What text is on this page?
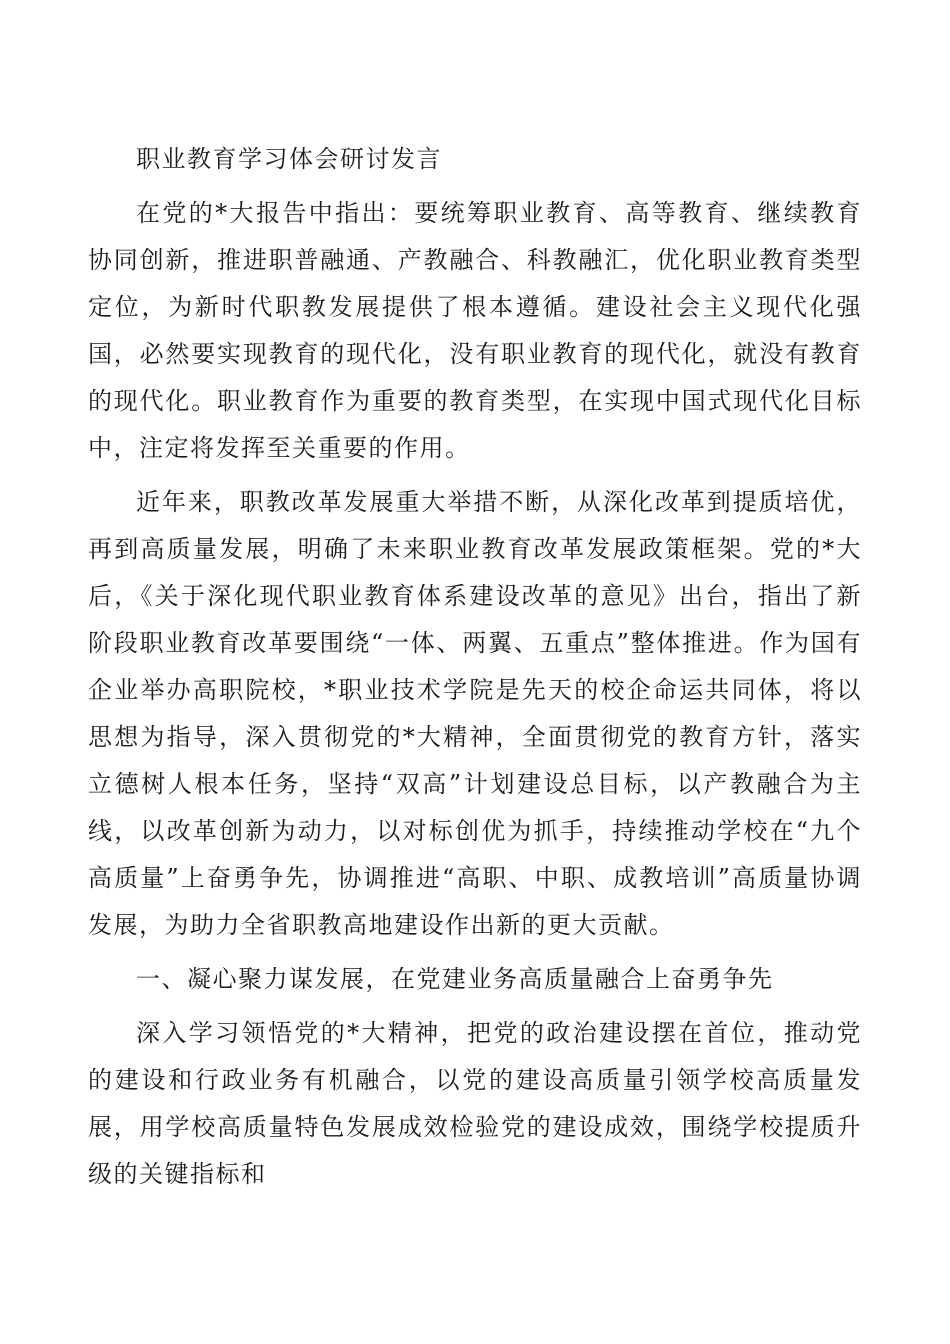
职业教育学习体会研讨发言

在党的*大报告中指出：要统筹职业教育、高等教育、继续教育协同创新，推进职普融通、产教融合、科教融汇，优化职业教育类型定位，为新时代职教发展提供了根本遵循。建设社会主义现代化强国，必然要实现教育的现代化，没有职业教育的现代化，就没有教育的现代化。职业教育作为重要的教育类型，在实现中国式现代化目标中，注定将发挥至关重要的作用。

近年来，职教改革发展重大举措不断，从深化改革到提质培优，再到高质量发展，明确了未来职业教育改革发展政策框架。党的*大后，《关于深化现代职业教育体系建设改革的意见》出台，指出了新阶段职业教育改革要围绕“一体、两翼、五重点”整体推进。作为国有企业举办高职院校，*职业技术学院是先天的校企命运共同体，将以思想为指导，深入贯彻党的*大精神，全面贯彻党的教育方针，落实立德树人根本任务，坚持“双高”计划建设总目标，以产教融合为主线，以改革创新为动力，以对标创优为抓手，持续推动学校在“九个高质量”上奋勇争先，协调推进“高职、中职、成教培训”高质量协调发展，为助力全省职教高地建设作出新的更大贡献。

一、凝心聚力谋发展，在党建业务高质量融合上奋勇争先

深入学习领悟党的*大精神，把党的政治建设摆在首位，推动党的建设和行政业务有机融合，以党的建设高质量引领学校高质量发展，用学校高质量特色发展成效检验党的建设成效，围绕学校提质升级的关键指标和
